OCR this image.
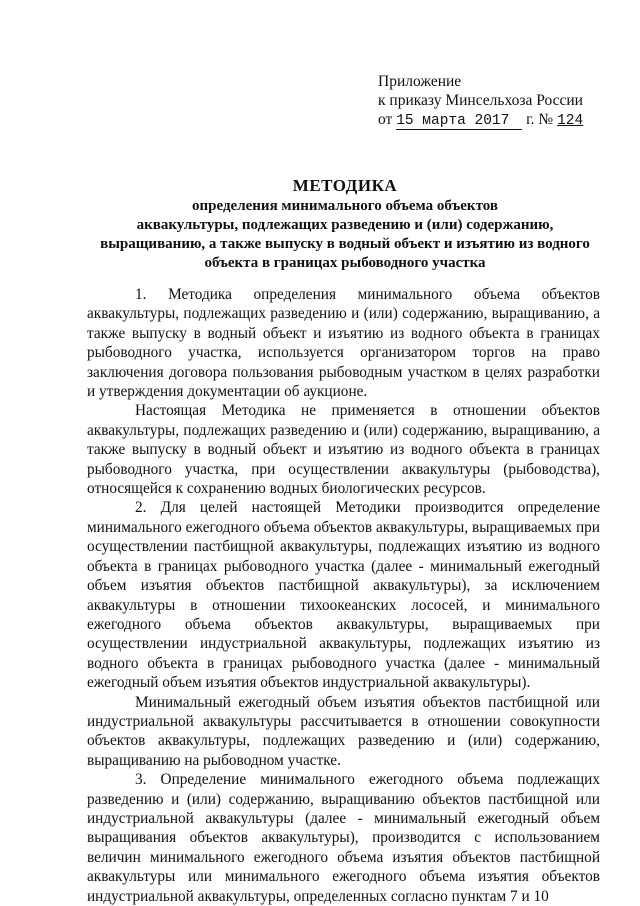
Приложение
к приказу Минсельхоза России
от 15 марта 2017 г. № 124
МЕТОДИКА
определения минимального объема объектов
аквакультуры, подлежащих разведению и (или) содержанию,
выращиванию, а также выпуску в водный объект и изъятию из водного
объекта в границах рыбоводного участка

1. Методика определения минимального объема объектов аквакультуры, подлежащих разведению и (или) содержанию, выращиванию, а также выпуску в водный объект и изъятию из водного объекта в границах рыбоводного участка, используется организатором торгов на право заключения договора пользования рыбоводным участком в целях разработки и утверждения документации об аукционе.

Настоящая Методика не применяется в отношении объектов аквакультуры, подлежащих разведению и (или) содержанию, выращиванию, а также выпуску в водный объект и изъятию из водного объекта в границах рыбоводного участка, при осуществлении аквакультуры (рыбоводства), относящейся к сохранению водных биологических ресурсов.

2. Для целей настоящей Методики производится определение минимального ежегодного объема объектов аквакультуры, выращиваемых при осуществлении пастбищной аквакультуры, подлежащих изъятию из водного объекта в границах рыбоводного участка (далее - минимальный ежегодный объем изъятия объектов пастбищной аквакультуры), за исключением аквакультуры в отношении тихоокеанских лососей, и минимального ежегодного объема объектов аквакультуры, выращиваемых при осуществлении индустриальной аквакультуры, подлежащих изъятию из водного объекта в границах рыбоводного участка (далее - минимальный ежегодный объем изъятия объектов индустриальной аквакультуры).

Минимальный ежегодный объем изъятия объектов пастбищной или индустриальной аквакультуры рассчитывается в отношении совокупности объектов аквакультуры, подлежащих разведению и (или) содержанию, выращиванию на рыбоводном участке.

3. Определение минимального ежегодного объема подлежащих разведению и (или) содержанию, выращиванию объектов пастбищной или индустриальной аквакультуры (далее - минимальный ежегодный объем выращивания объектов аквакультуры), производится с использованием величин минимального ежегодного объема изъятия объектов пастбищной аквакультуры или минимального ежегодного объема изъятия объектов индустриальной аквакультуры, определенных согласно пунктам 7 и 10
